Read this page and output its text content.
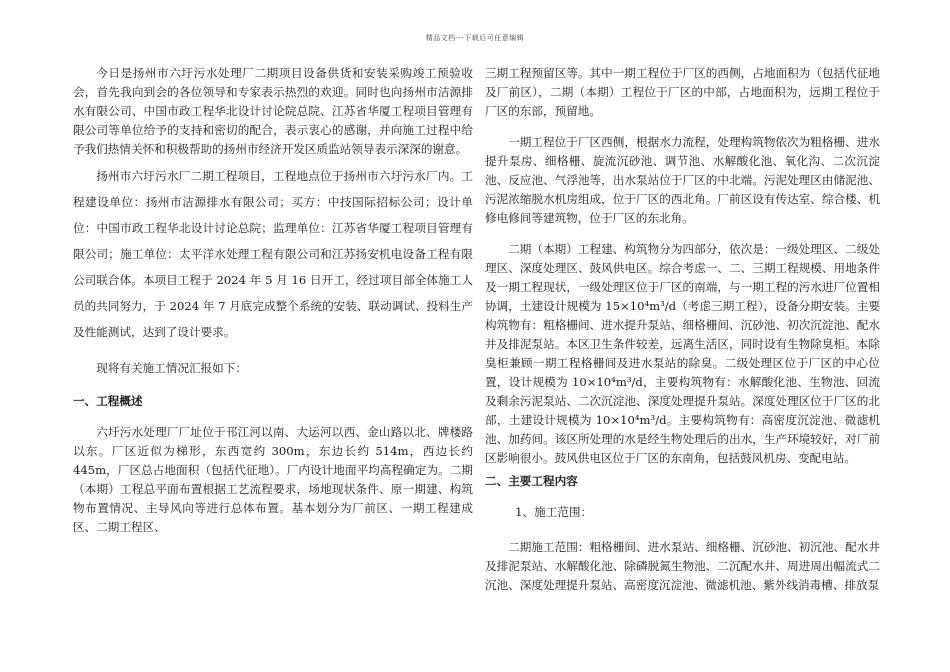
精品文档---下载后可任意编辑

今日是扬州市六圩污水处理厂二期项目设备供货和安装采购竣工预验收会，首先我向到会的各位领导和专家表示热烈的欢迎。同时也向扬州市洁源排水有限公司、中国市政工程华北设计讨论院总院、江苏省华厦工程项目管理有限公司等单位给予的支持和密切的配合，表示衷心的感谢，并向施工过程中给予我们热情关怀和积极帮助的扬州市经济开发区质监站领导表示深深的谢意。

扬州市六圩污水厂二期工程项目，工程地点位于扬州市六圩污水厂内。工程建设单位：扬州市洁源排水有限公司；买方：中技国际招标公司；设计单位：中国市政工程华北设计讨论总院；监理单位：江苏省华厦工程项目管理有限公司；施工单位：太平洋水处理工程有限公司和江苏扬安机电设备工程有限公司联合体。本项目工程于 2024 年 5 月 16 日开工，经过项目部全体施工人员的共同努力，于 2024 年 7 月底完成整个系统的安装、联动调试、投料生产及性能测试，达到了设计要求。

现将有关施工情况汇报如下：

一、工程概述

六圩污水处理厂厂址位于邗江河以南、大运河以西、金山路以北、牌楼路以东。厂区近似为梯形，东西宽约 300m，东边长约 514m，西边长约 445m，厂区总占地面积（包括代征地）。厂内设计地面平均高程确定为。二期（本期）工程总平面布置根据工艺流程要求，场地现状条件、原一期建、构筑物布置情况、主导风向等进行总体布置。基本划分为厂前区、一期工程建成区、二期工程区、

三期工程预留区等。其中一期工程位于厂区的西侧，占地面积为（包括代征地及厂前区），二期（本期）工程位于厂区的中部，占地面积为，远期工程位于厂区的东部，预留地。

一期工程位于厂区西侧，根据水力流程，处理构筑物依次为粗格栅、进水提升泵房、细格栅、旋流沉砂池、调节池、水解酸化池、氧化沟、二次沉淀池、反应池、气浮池等，出水泵站位于厂区的中北端。污泥处理区由储泥池、污泥浓缩脱水机房组成，位于厂区的西北角。厂前区设有传达室、综合楼、机修电修间等建筑物，位于厂区的东北角。

二期（本期）工程建、构筑物分为四部分，依次是：一级处理区、二级处理区、深度处理区、鼓风供电区。综合考虑一、二、三期工程规模、用地条件及一期工程现状，一级处理区位于厂区的南端，与一期工程的污水进厂位置相协调，土建设计规模为 15×10⁴m³/d（考虑三期工程），设备分期安装。主要构筑物有：粗格栅间、进水提升泵站、细格栅间、沉砂池、初次沉淀池、配水井及排泥泵站。本区卫生条件较差，远离生活区，同时设有生物除臭柜。本除臭柜兼顾一期工程格栅间及进水泵站的除臭。二级处理区位于厂区的中心位置，设计规模为 10×10⁴m³/d，主要构筑物有：水解酸化池、生物池、回流及剩余污泥泵站、二次沉淀池、深度处理提升泵站。深度处理区位于厂区的北部，土建设计规模为 10×10⁴m³/d。主要构筑物有：高密度沉淀池、微滤机池、加药间。该区所处理的水是经生物处理后的出水，生产环境较好，对厂前区影响很小。鼓风供电区位于厂区的东南角，包括鼓风机房、变配电站。

二、主要工程内容

1、施工范围：

二期施工范围：粗格栅间、进水泵站、细格栅、沉砂池、初沉池、配水井及排泥泵站、水解酸化池、除磷脱氮生物池、二沉配水井、周进周出幅流式二沉池、深度处理提升泵站、高密度沉淀池、微滤机池、紫外线消毒槽、排放泵
